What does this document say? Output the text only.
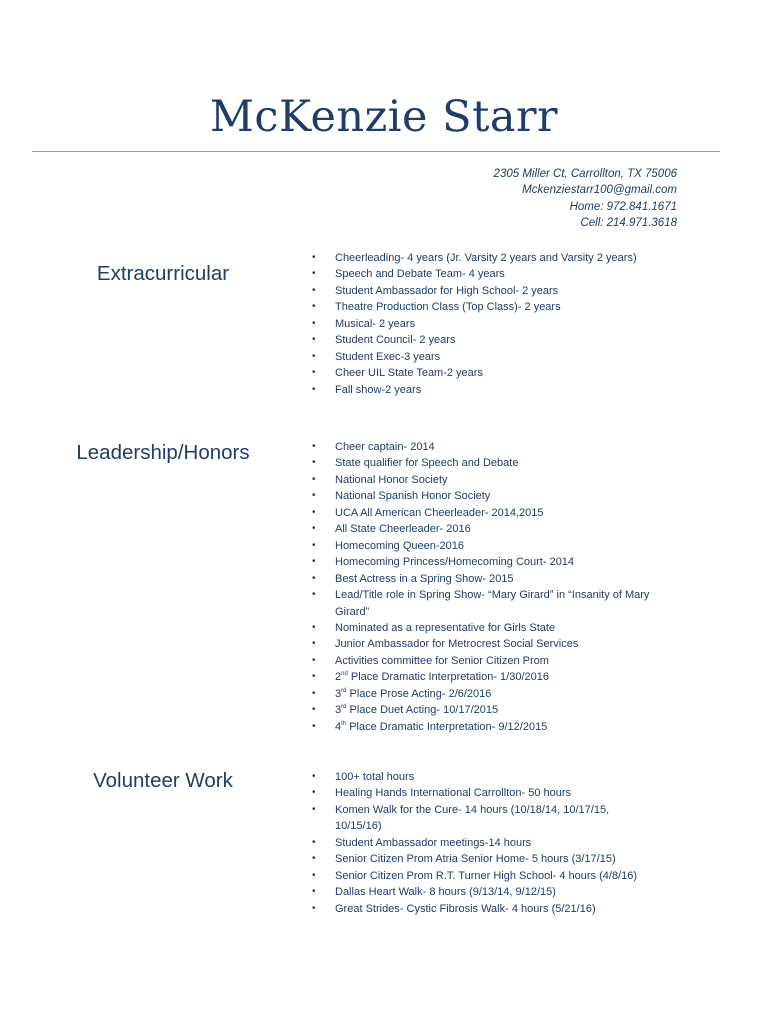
McKenzie Starr
2305 Miller Ct, Carrollton, TX 75006
Mckenziestarr100@gmail.com
Home: 972.841.1671
Cell: 214.971.3618
Extracurricular
• Cheerleading- 4 years (Jr. Varsity 2 years and Varsity 2 years)
• Speech and Debate Team- 4 years
• Student Ambassador for High School- 2 years
• Theatre Production Class (Top Class)- 2 years
• Musical- 2 years
• Student Council- 2 years
• Student Exec-3 years
• Cheer UIL State Team-2 years
• Fall show-2 years
Leadership/Honors	• Cheer captain- 2014
• State qualifier for Speech and Debate
• National Honor Society
• National Spanish Honor Society
• UCA All American Cheerleader- 2014,2015
• All State Cheerleader- 2016
• Homecoming Queen-2016
• Homecoming Princess/Homecoming Court- 2014
• Best Actress in a Spring Show- 2015
• Lead/Title role in Spring Show- “Mary Girard” in “Insanity of Mary Girard”
• Nominated as a representative for Girls State
• Junior Ambassador for Metrocrest Social Services
• Activities committee for Senior Citizen Prom
• 2nd Place Dramatic Interpretation- 1/30/2016
• 3rd Place Prose Acting- 2/6/2016
• 3rd Place Duet Acting- 10/17/2015
• 4th Place Dramatic Interpretation- 9/12/2015
Volunteer Work	• 100+ total hours
• Healing Hands International Carrollton- 50 hours
• Komen Walk for the Cure- 14 hours (10/18/14, 10/17/15, 10/15/16)
• Student Ambassador meetings-14 hours
• Senior Citizen Prom Atria Senior Home- 5 hours (3/17/15)
• Senior Citizen Prom R.T. Turner High School- 4 hours (4/8/16)
• Dallas Heart Walk- 8 hours (9/13/14, 9/12/15)
• Great Strides- Cystic Fibrosis Walk- 4 hours (5/21/16)
